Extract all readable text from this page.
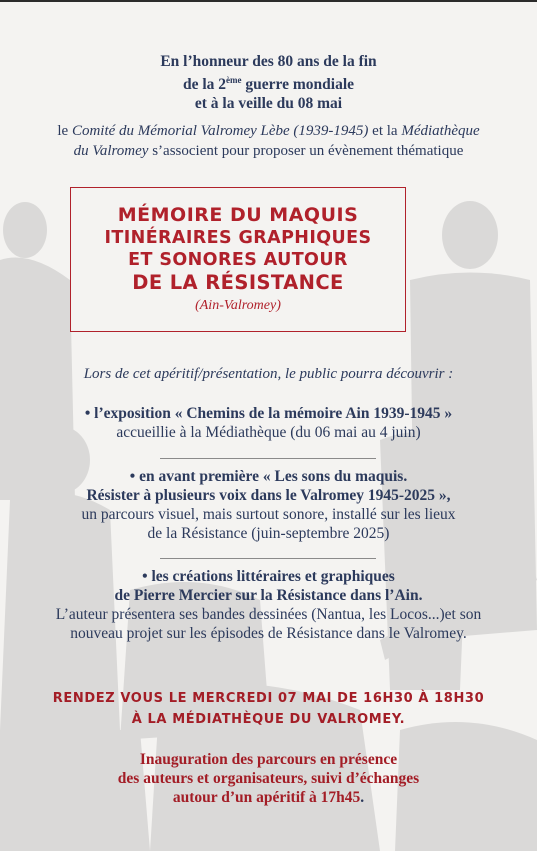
En l’honneur des 80 ans de la fin
de la 2ème guerre mondiale
et à la veille du 08 mai
le Comité du Mémorial Valromey Lèbe (1939-1945) et la Médiathèque
du Valromey s’associent pour proposer un évènement thématique
MÉMOIRE DU MAQUIS
ITINÉRAIRES GRAPHIQUES
ET SONORES AUTOUR
DE LA RÉSISTANCE
(Ain-Valromey)
Lors de cet apéritif/présentation, le public pourra découvrir :
• l’exposition « Chemins de la mémoire Ain 1939-1945 »
accueillie à la Médiathèque (du 06 mai au 4 juin)
• en avant première « Les sons du maquis.
Résister à plusieurs voix dans le Valromey 1945-2025 »,
un parcours visuel, mais surtout sonore, installé sur les lieux
de la Résistance (juin-septembre 2025)
• les créations littéraires et graphiques
de Pierre Mercier sur la Résistance dans l’Ain.
L’auteur présentera ses bandes dessinées (Nantua, les Locos...)et son
nouveau projet sur les épisodes de Résistance dans le Valromey.
RENDEZ VOUS LE MERCREDI 07 MAI DE 16H30 À 18H30
À LA MÉDIATHÈQUE DU VALROMEY.
Inauguration des parcours en présence
des auteurs et organisateurs, suivi d’échanges
autour d’un apéritif à 17h45.
